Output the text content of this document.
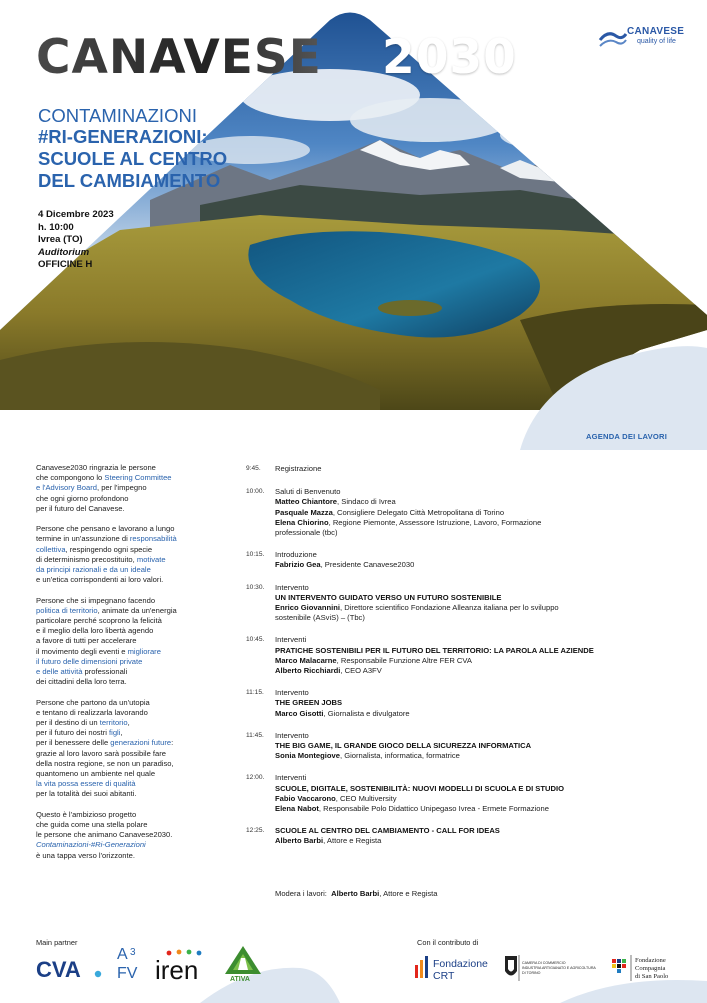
CANAVESE 2030	CANAVESE
quality of life
CONTAMINAZIONI
#RI-GENERAZIONI:
SCUOLE AL CENTRO
DEL CAMBIAMENTO
4 Dicembre 2023
h. 10:00
Ivrea (TO)
Auditorium
OFFICINE H
AGENDA DEI LAVORI

Canavese2030 ringrazia le persone
che compongono lo Steering Committee
e l'Advisory Board, per l'impegno
che ogni giorno profondono
per il futuro del Canavese.

Persone che pensano e lavorano a lungo
termine in un'assunzione di responsabilità
collettiva, respingendo ogni specie
di determinismo precostituito, motivate
da principi razionali e da un ideale
e un'etica corrispondenti ai loro valori.

Persone che si impegnano facendo
politica di territorio, animate da un'energia
particolare perché scoprono la felicità
e il meglio della loro libertà agendo
a favore di tutti per accelerare
il movimento degli eventi e migliorare
il futuro delle dimensioni private
e delle attività professionali
dei cittadini della loro terra.

Persone che partono da un'utopia
e tentano di realizzarla lavorando
per il destino di un territorio,
per il futuro dei nostri figli,
per il benessere delle generazioni future:
grazie al loro lavoro sarà possibile fare
della nostra regione, se non un paradiso,
quantomeno un ambiente nel quale
la vita possa essere di qualità
per la totalità dei suoi abitanti.

Questo è l'ambizioso progetto
che guida come una stella polare
le persone che animano Canavese2030.
Contaminazioni-#Ri-Generazioni
è una tappa verso l'orizzonte.

9:45.	Registrazione
10:00.	Saluti di Benvenuto
Matteo Chiantore, Sindaco di Ivrea
Pasquale Mazza, Consigliere Delegato Città Metropolitana di Torino
Elena Chiorino, Regione Piemonte, Assessore Istruzione, Lavoro, Formazione
professionale (tbc)
10:15.	Introduzione
Fabrizio Gea, Presidente Canavese2030
10:30.	Intervento
UN INTERVENTO GUIDATO VERSO UN FUTURO SOSTENIBILE
Enrico Giovannini, Direttore scientifico Fondazione Alleanza italiana per lo sviluppo
sostenibile (ASviS) – (Tbc)
10:45.	Interventi
PRATICHE SOSTENIBILI PER IL FUTURO DEL TERRITORIO: LA PAROLA ALLE AZIENDE
Marco Malacarne, Responsabile Funzione Altre FER CVA
Alberto Ricchiardi, CEO A3FV
11:15.	Intervento
THE GREEN JOBS
Marco Gisotti, Giornalista e divulgatore
11:45.	Intervento
THE BIG GAME, IL GRANDE GIOCO DELLA SICUREZZA INFORMATICA
Sonia Montegiove, Giornalista, informatica, formatrice
12:00.	Interventi
SCUOLE, DIGITALE, SOSTENIBILITÀ: NUOVI MODELLI DI SCUOLA E DI STUDIO
Fabio Vaccarono, CEO Multiversity
Elena Nabot, Responsabile Polo Didattico Unipegaso Ivrea - Ermete Formazione
12:25.	SCUOLE AL CENTRO DEL CAMBIAMENTO - CALL FOR IDEAS
Alberto Barbi, Attore e Regista
Modera i lavori: Alberto Barbi, Attore e Regista
Main partner	Con il contributo di
CVA
A 3
FV iren	ATIVA
Fondazione
CRT
CAMERA DI COMMERCIO
INDUSTRIA ARTIGIANATO E AGRICOLTURA
DI TORINO
Fondazione
Compagnia
di San Paolo
